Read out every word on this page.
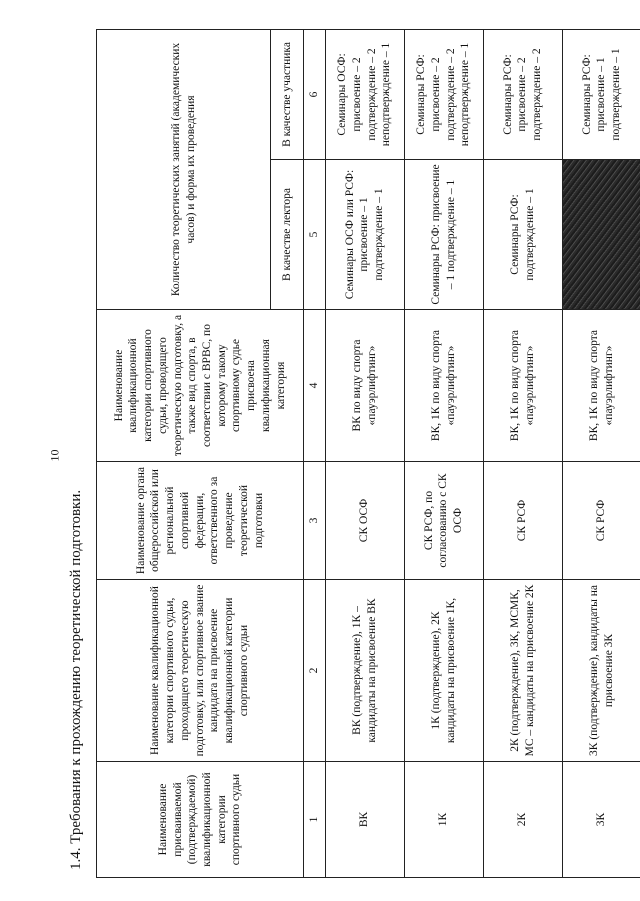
10
1.4. Требования к прохождению теоретической подготовки.	Наименование присваиваемой (подтверждаемой) квалификационной категории спортивного судьи	Наименование квалификационной категории спортивного судьи, проходящего теоретическую подготовку, или спортивное звание кандидата на присвоение квалификационной категории спортивного судьи	Наименование органа общероссийской или региональной спортивной федерации, ответственного за проведение теоретической подготовки	Наименование квалификационной категории спортивного судьи, проводящего теоретическую подготовку, а также вид спорта, в соответствии с ВРВС, по которому такому спортивному судье присвоена квалификационная категория	Количество теоретических занятий (академических часов) и форма их проведения	
				В качестве лектора	В качестве участника
1	2	3	4	5	6
ВК	ВК (подтверждение), 1К – кандидаты на присвоение ВК	СК ОСФ	ВК по виду спорта «пауэрлифтинг»	Семинары ОСФ или РСФ: присвоение – 1 подтверждение – 1	Семинары ОСФ: присвоение – 2 подтверждение – 2 неподтверждение – 1
1К	1К (подтверждение), 2К кандидаты на присвоение 1К,	СК РСФ, по согласованию с СК ОСФ	ВК, 1К по виду спорта «пауэрлифтинг»	Семинары РСФ: присвоение – 1 подтверждение – 1	Семинары РСФ: присвоение – 2 подтверждение – 2 неподтверждение – 1
2К	2К (подтверждение), 3К, МСМК, МС – кандидаты на присвоение 2К	СК РСФ	ВК, 1К по виду спорта «пауэрлифтинг»	Семинары РСФ: подтверждение – 1	Семинары РСФ: присвоение – 2 подтверждение – 2
3К	3К (подтверждение), кандидаты на присвоение 3К	СК РСФ	ВК, 1К по виду спорта «пауэрлифтинг»		Семинары РСФ: присвоение – 1 подтверждение – 1
